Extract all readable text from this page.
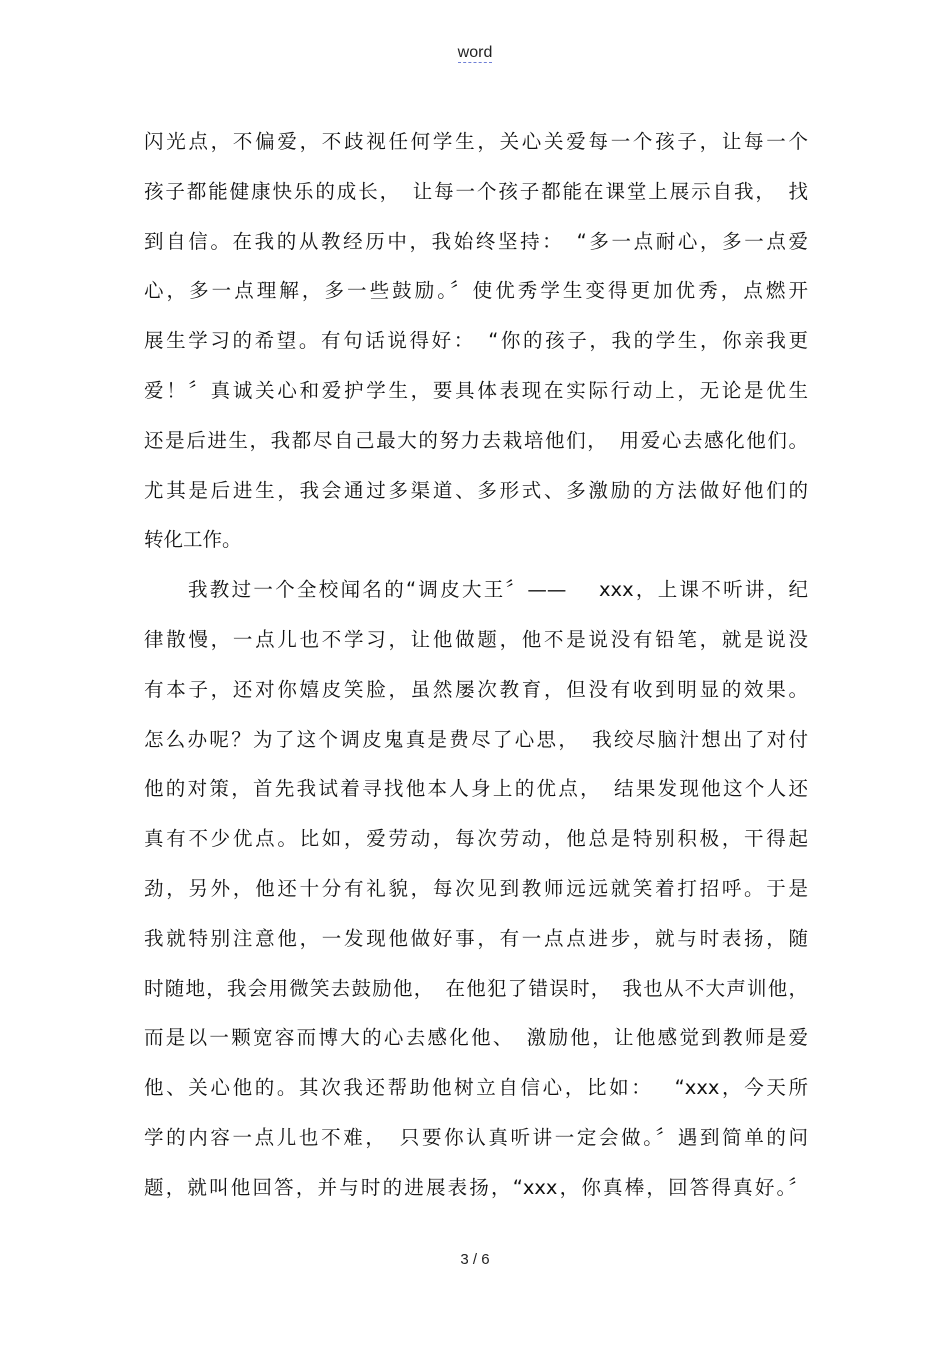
word
闪光点，不偏爱，不歧视任何学生，关心关爱每一个孩子，让每一个
孩子都能健康快乐的成长，　让每一个孩子都能在课堂上展示自我，　找
到自信。在我的从教经历中，我始终坚持：　“多一点耐心，多一点爱
心，多一点理解，多一些鼓励。〞使优秀学生变得更加优秀，点燃开
展生学习的希望。有句话说得好：　“你的孩子，我的学生，你亲我更
爱！〞真诚关心和爱护学生，要具体表现在实际行动上，无论是优生
还是后进生，我都尽自己最大的努力去栽培他们，　用爱心去感化他们。
尤其是后进生，我会通过多渠道、多形式、多激励的方法做好他们的
转化工作。
我教过一个全校闻名的“调皮大王〞——　 xxx，上课不听讲，纪
律散慢，一点儿也不学习，让他做题，他不是说没有铅笔，就是说没
有本子，还对你嬉皮笑脸，虽然屡次教育，但没有收到明显的效果。
怎么办呢？为了这个调皮鬼真是费尽了心思，　我绞尽脑汁想出了对付
他的对策，首先我试着寻找他本人身上的优点，　结果发现他这个人还
真有不少优点。比如，爱劳动，每次劳动，他总是特别积极，干得起
劲，另外，他还十分有礼貌，每次见到教师远远就笑着打招呼。于是
我就特别注意他，一发现他做好事，有一点点进步，就与时表扬，随
时随地，我会用微笑去鼓励他，　在他犯了错误时，　我也从不大声训他，
而是以一颗宽容而博大的心去感化他、　激励他，让他感觉到教师是爱
他、关心他的。其次我还帮助他树立自信心，比如：　 “xxx，今天所
学的内容一点儿也不难，　只要你认真听讲一定会做。〞遇到简单的问
题，就叫他回答，并与时的进展表扬，“xxx，你真棒，回答得真好。〞
3 / 6
